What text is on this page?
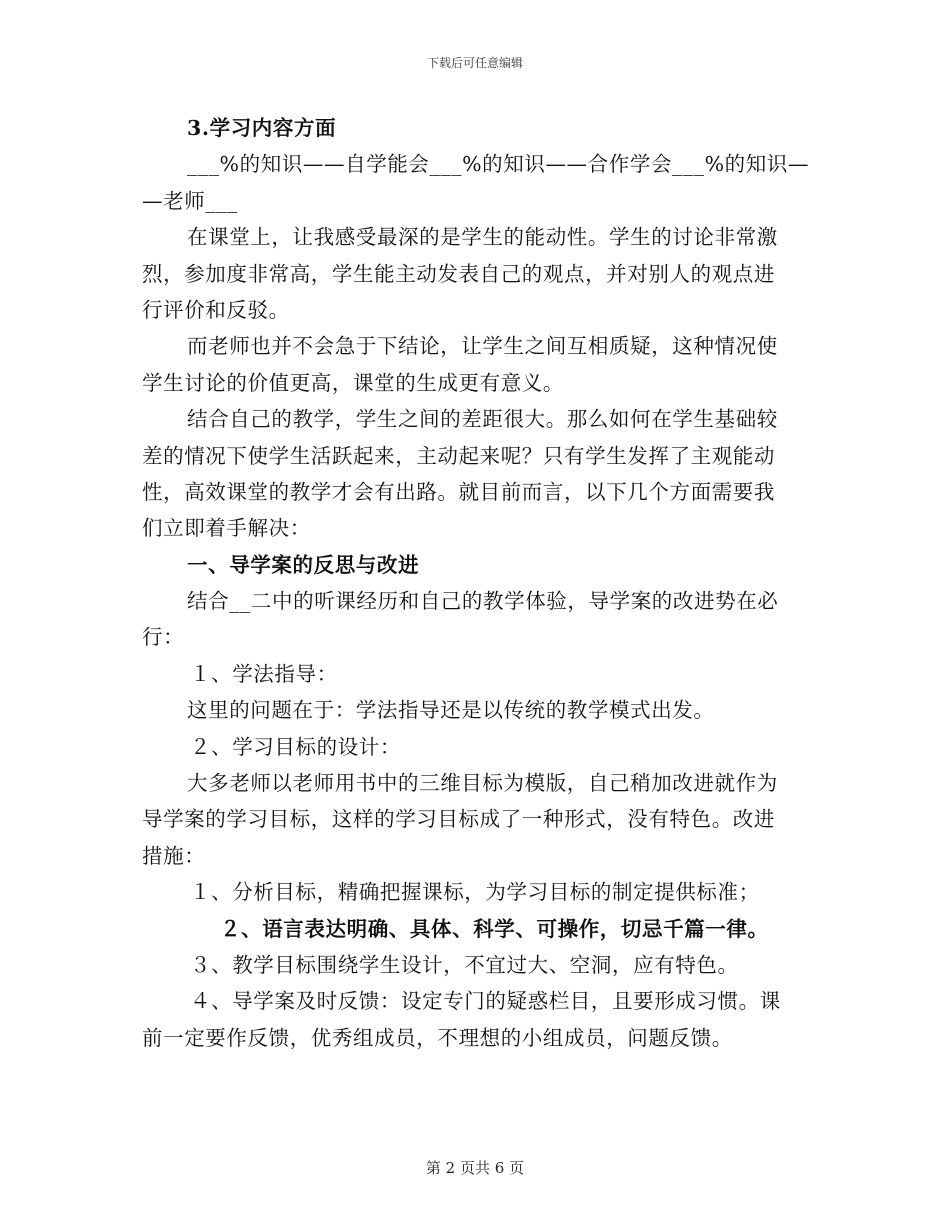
下载后可任意编辑
3.学习内容方面
___%的知识——自学能会___%的知识——合作学会___%的知识—
—老师___
在课堂上，让我感受最深的是学生的能动性。学生的讨论非常激
烈，参加度非常高，学生能主动发表自己的观点，并对别人的观点进
行评价和反驳。
而老师也并不会急于下结论，让学生之间互相质疑，这种情况使
学生讨论的价值更高，课堂的生成更有意义。
结合自己的教学，学生之间的差距很大。那么如何在学生基础较
差的情况下使学生活跃起来，主动起来呢？只有学生发挥了主观能动
性，高效课堂的教学才会有出路。就目前而言，以下几个方面需要我
们立即着手解决：
一、导学案的反思与改进
结合__二中的听课经历和自己的教学体验，导学案的改进势在必
行：
１、学法指导：
这里的问题在于：学法指导还是以传统的教学模式出发。
２、学习目标的设计：
大多老师以老师用书中的三维目标为模版，自己稍加改进就作为
导学案的学习目标，这样的学习目标成了一种形式，没有特色。改进
措施：
１、分析目标，精确把握课标，为学习目标的制定提供标准；
２、语言表达明确、具体、科学、可操作，切忌千篇一律。
３、教学目标围绕学生设计，不宜过大、空洞，应有特色。
４、导学案及时反馈：设定专门的疑惑栏目，且要形成习惯。课
前一定要作反馈，优秀组成员，不理想的小组成员，问题反馈。
第 2 页共 6 页
